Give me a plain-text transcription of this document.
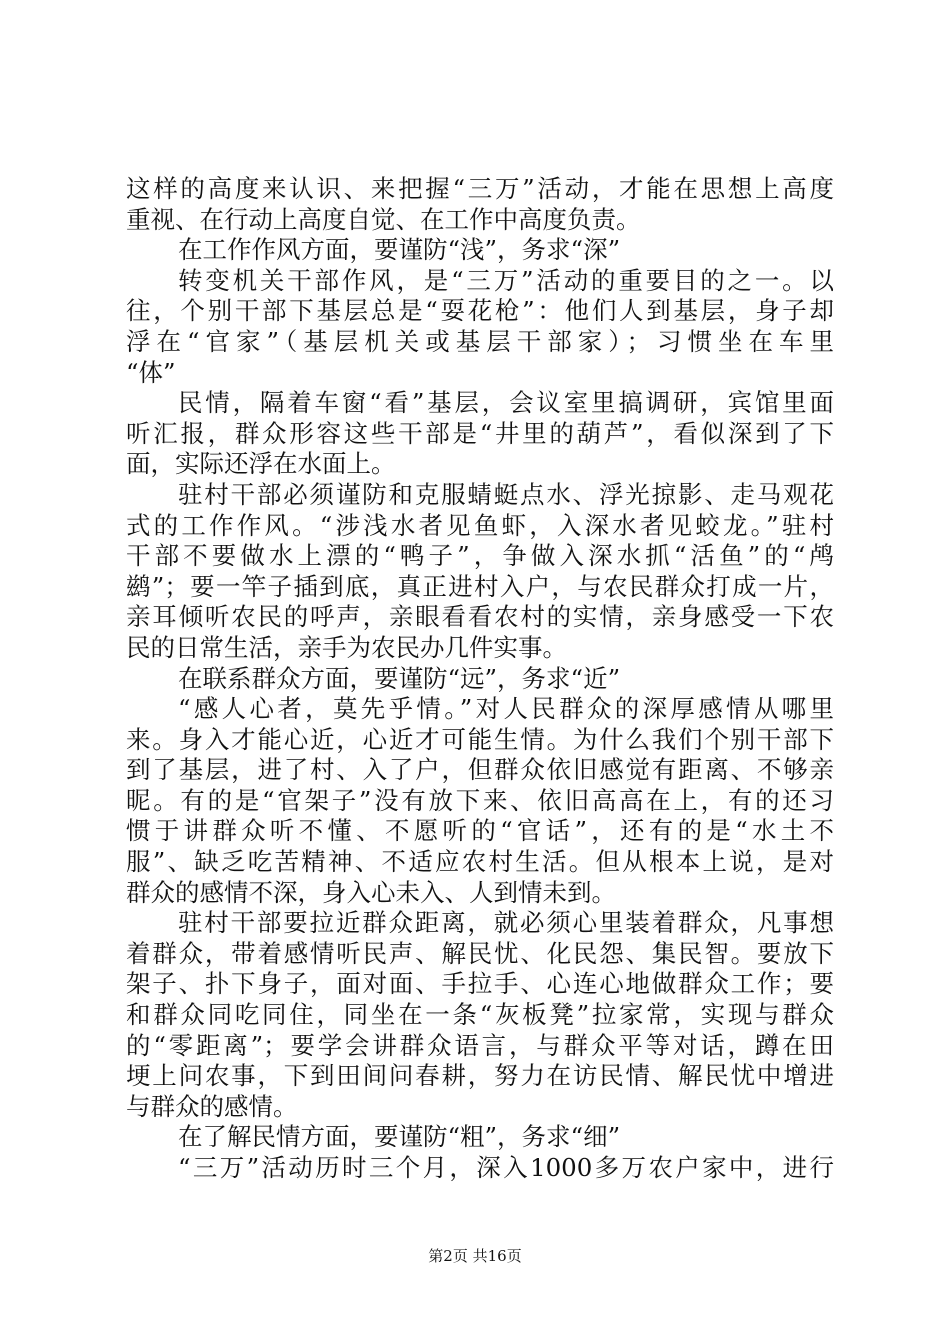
这样的高度来认识、来把握“三万”活动，才能在思想上高度
重视、在行动上高度自觉、在工作中高度负责。
在工作作风方面，要谨防“浅”，务求“深”
转变机关干部作风，是“三万”活动的重要目的之一。以
往，个别干部下基层总是“耍花枪”：他们人到基层，身子却
浮在“官家”（基层机关或基层干部家）；习惯坐在车里
“体”
民情，隔着车窗“看”基层，会议室里搞调研，宾馆里面
听汇报，群众形容这些干部是“井里的葫芦”，看似深到了下
面，实际还浮在水面上。
驻村干部必须谨防和克服蜻蜓点水、浮光掠影、走马观花
式的工作作风。“涉浅水者见鱼虾，入深水者见蛟龙。”驻村
干部不要做水上漂的“鸭子”，争做入深水抓“活鱼”的“鸬
鹚”；要一竿子插到底，真正进村入户，与农民群众打成一片，
亲耳倾听农民的呼声，亲眼看看农村的实情，亲身感受一下农
民的日常生活，亲手为农民办几件实事。
在联系群众方面，要谨防“远”，务求“近”
“感人心者，莫先乎情。”对人民群众的深厚感情从哪里
来。身入才能心近，心近才可能生情。为什么我们个别干部下
到了基层，进了村、入了户，但群众依旧感觉有距离、不够亲
昵。有的是“官架子”没有放下来、依旧高高在上，有的还习
惯于讲群众听不懂、不愿听的“官话”，还有的是“水土不
服”、缺乏吃苦精神、不适应农村生活。但从根本上说，是对
群众的感情不深，身入心未入、人到情未到。
驻村干部要拉近群众距离，就必须心里装着群众，凡事想
着群众，带着感情听民声、解民忧、化民怨、集民智。要放下
架子、扑下身子，面对面、手拉手、心连心地做群众工作；要
和群众同吃同住，同坐在一条“灰板凳”拉家常，实现与群众
的“零距离”；要学会讲群众语言，与群众平等对话，蹲在田
埂上问农事，下到田间问春耕，努力在访民情、解民忧中增进
与群众的感情。
在了解民情方面，要谨防“粗”，务求“细”
“三万”活动历时三个月，深入1000多万农户家中，进行
第2页 共16页
